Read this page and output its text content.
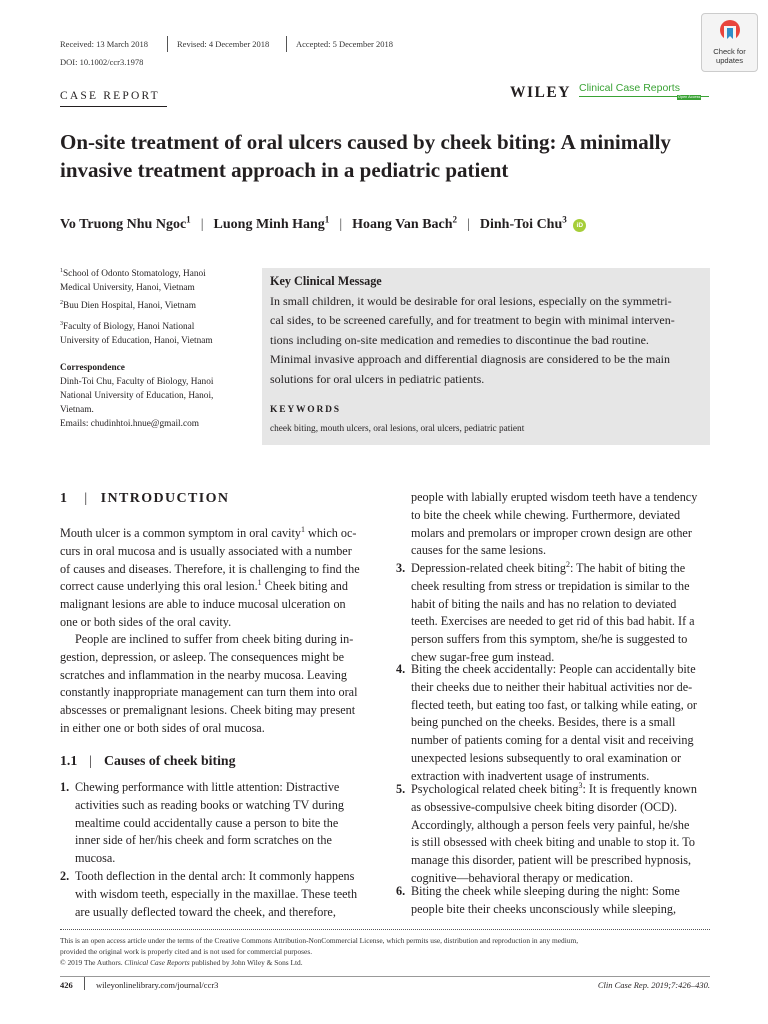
Received: 13 March 2018	Revised: 4 December 2018	Accepted: 5 December 2018
DOI: 10.1002/ccr3.1978
CASE REPORT	WILEY Clinical Case Reports
Open Access
Check for
updates
On-site treatment of oral ulcers caused by cheek biting: A minimally invasive treatment approach in a pediatric patient
Vo Truong Nhu Ngoc$^1$ | Luong Minh Hang$^1$ | Hoang Van Bach$^2$ | Dinh-Toi Chu$^3$ iD
$^1$School of Odonto Stomatology, Hanoi
Medical University, Hanoi, Vietnam
$^2$Buu Dien Hospital, Hanoi, Vietnam
$^3$Faculty of Biology, Hanoi National
University of Education, Hanoi, Vietnam
Correspondence
Dinh-Toi Chu, Faculty of Biology, Hanoi
National University of Education, Hanoi,
Vietnam.
Emails: chudinhtoi.hnue@gmail.com
Key Clinical Message
In small children, it would be desirable for oral lesions, especially on the symmetri-
cal sides, to be screened carefully, and for treatment to begin with minimal interven-
tions including on-site medication and remedies to discontinue the bad routine.
Minimal invasive approach and differential diagnosis are considered to be the main
solutions for oral ulcers in pediatric patients.
KEYWORDS
cheek biting, mouth ulcers, oral lesions, oral ulcers, pediatric patient
1 | INTRODUCTION
Mouth ulcer is a common symptom in oral cavity$^1$ which oc-
curs in oral mucosa and is usually associated with a number
of causes and diseases. Therefore, it is challenging to find the
correct cause underlying this oral lesion.$^1$ Cheek biting and
malignant lesions are able to induce mucosal ulceration on
one or both sides of the oral cavity.
People are inclined to suffer from cheek biting during in-
gestion, depression, or asleep. The consequences might be
scratches and inflammation in the nearby mucosa. Leaving
constantly inappropriate management can turn them into oral
abscesses or premalignant lesions. Cheek biting may present
in either one or both sides of oral mucosa.
1.1 | Causes of cheek biting
1. Chewing performance with little attention: Distractive
activities such as reading books or watching TV during
mealtime could accidentally cause a person to bite the
inner side of her/his cheek and form scratches on the
mucosa.
2. Tooth deflection in the dental arch: It commonly happens
with wisdom teeth, especially in the maxillae. These teeth
are usually deflected toward the cheek, and therefore,
people with labially erupted wisdom teeth have a tendency
to bite the cheek while chewing. Furthermore, deviated
molars and premolars or improper crown design are other
causes for the same lesions.
3. Depression-related cheek biting$^2$: The habit of biting the
cheek resulting from stress or trepidation is similar to the
habit of biting the nails and has no relation to deviated
teeth. Exercises are needed to get rid of this bad habit. If a
person suffers from this symptom, she/he is suggested to
chew sugar-free gum instead.
4. Biting the cheek accidentally: People can accidentally bite
their cheeks due to neither their habitual activities nor de-
flected teeth, but eating too fast, or talking while eating, or
being punched on the cheeks. Besides, there is a small
number of patients coming for a dental visit and receiving
unexpected lesions subsequently to oral examination or
extraction with inadvertent usage of instruments.
5. Psychological related cheek biting$^3$: It is frequently known
as obsessive-compulsive cheek biting disorder (OCD).
Accordingly, although a person feels very painful, he/she
is still obsessed with cheek biting and unable to stop it. To
manage this disorder, patient will be prescribed hypnosis,
cognitive—behavioral therapy or medication.
6. Biting the cheek while sleeping during the night: Some
people bite their cheeks unconsciously while sleeping,
This is an open access article under the terms of the Creative Commons Attribution-NonCommercial License, which permits use, distribution and reproduction in any medium,
provided the original work is properly cited and is not used for commercial purposes.
© 2019 The Authors. Clinical Case Reports published by John Wiley & Sons Ltd.
426	wileyonlinelibrary.com/journal/ccr3	Clin Case Rep. 2019;7:426–430.
